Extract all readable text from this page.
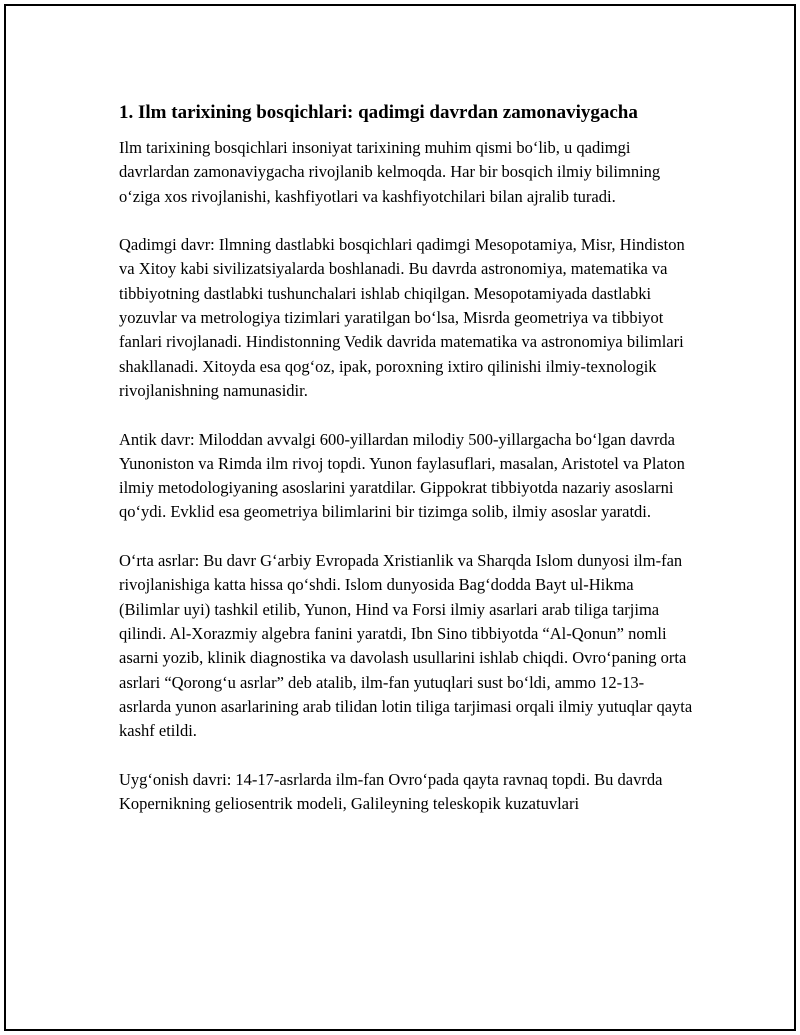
1. Ilm tarixining bosqichlari: qadimgi davrdan zamonaviygacha

Ilm tarixining bosqichlari insoniyat tarixining muhim qismi bo‘lib, u qadimgi davrlardan zamonaviygacha rivojlanib kelmoqda. Har bir bosqich ilmiy bilimning o‘ziga xos rivojlanishi, kashfiyotlari va kashfiyotchilari bilan ajralib turadi.

Qadimgi davr: Ilmning dastlabki bosqichlari qadimgi Mesopotamiya, Misr, Hindiston va Xitoy kabi sivilizatsiyalarda boshlanadi. Bu davrda astronomiya, matematika va tibbiyotning dastlabki tushunchalari ishlab chiqilgan. Mesopotamiyada dastlabki yozuvlar va metrologiya tizimlari yaratilgan bo‘lsa, Misrda geometriya va tibbiyot fanlari rivojlanadi. Hindistonning Vedik davrida matematika va astronomiya bilimlari shakllanadi. Xitoyda esa qog‘oz, ipak, poroxning ixtiro qilinishi ilmiy-texnologik rivojlanishning namunasidir.

Antik davr: Miloddan avvalgi 600-yillardan milodiy 500-yillargacha bo‘lgan davrda Yunoniston va Rimda ilm rivoj topdi. Yunon faylasuflari, masalan, Aristotel va Platon ilmiy metodologiyaning asoslarini yaratdilar. Gippokrat tibbiyotda nazariy asoslarni qo‘ydi. Evklid esa geometriya bilimlarini bir tizimga solib, ilmiy asoslar yaratdi.

O‘rta asrlar: Bu davr G‘arbiy Evropada Xristianlik va Sharqda Islom dunyosi ilm-fan rivojlanishiga katta hissa qo‘shdi. Islom dunyosida Bag‘dodda Bayt ul-Hikma (Bilimlar uyi) tashkil etilib, Yunon, Hind va Forsi ilmiy asarlari arab tiliga tarjima qilindi. Al-Xorazmiy algebra fanini yaratdi, Ibn Sino tibbiyotda “Al-Qonun” nomli asarni yozib, klinik diagnostika va davolash usullarini ishlab chiqdi. Ovro‘paning orta asrlari “Qorong‘u asrlar” deb atalib, ilm-fan yutuqlari sust bo‘ldi, ammo 12-13-asrlarda yunon asarlarining arab tilidan lotin tiliga tarjimasi orqali ilmiy yutuqlar qayta kashf etildi.

Uyg‘onish davri: 14-17-asrlarda ilm-fan Ovro‘pada qayta ravnaq topdi. Bu davrda Kopernikning geliosentrik modeli, Galileyning teleskopik kuzatuvlari
